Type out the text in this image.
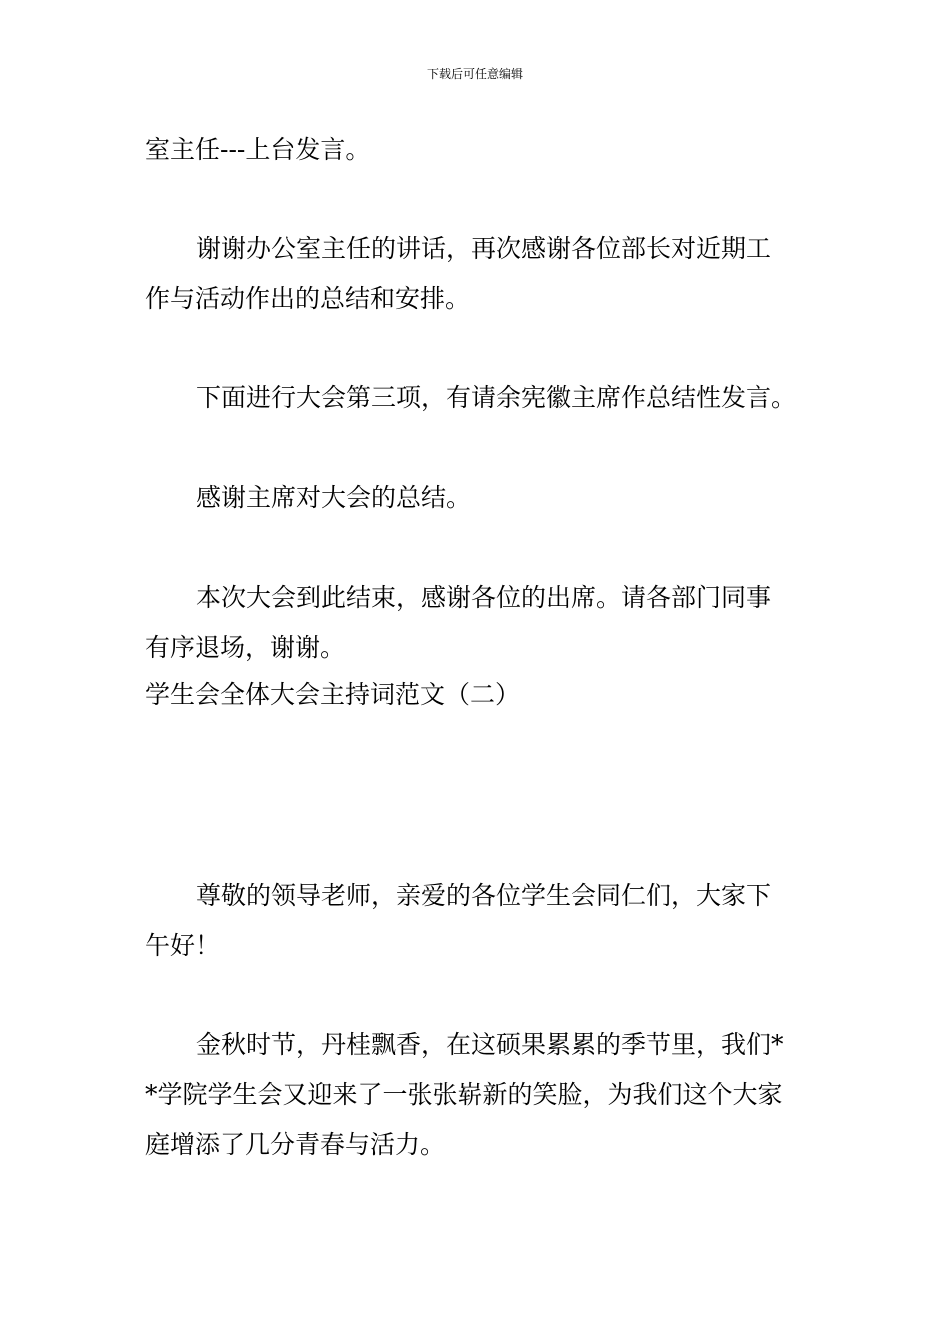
下载后可任意编辑
室主任---上台发言。
谢谢办公室主任的讲话，再次感谢各位部长对近期工
作与活动作出的总结和安排。
下面进行大会第三项，有请余宪徽主席作总结性发言。
感谢主席对大会的总结。
本次大会到此结束，感谢各位的出席。请各部门同事
有序退场，谢谢。
学生会全体大会主持词范文（二）
尊敬的领导老师，亲爱的各位学生会同仁们，大家下
午好！
金秋时节，丹桂飘香，在这硕果累累的季节里，我们*
*学院学生会又迎来了一张张崭新的笑脸，为我们这个大家
庭增添了几分青春与活力。
